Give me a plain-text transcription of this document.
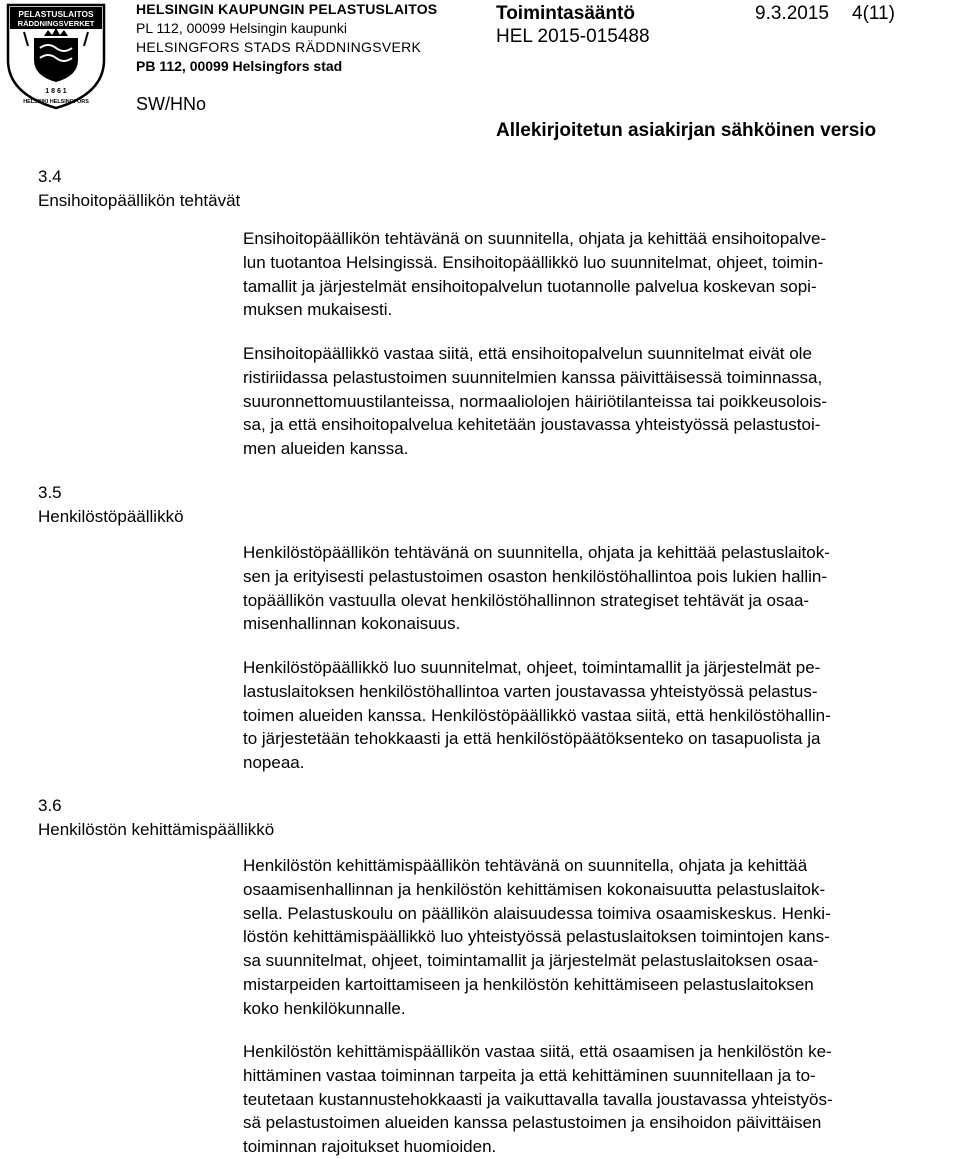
PELASTUSLAITOS
RÄDDNINGSVERKET
1 8 6 1
HELSINKI HELSINGFORS
HELSINGIN KAUPUNGIN PELASTUSLAITOS
PL 112, 00099 Helsingin kaupunki
HELSINGFORS STADS RÄDDNINGSVERK
PB 112, 00099 Helsingfors stad
SW/HNo
Toimintasääntö
HEL 2015-015488
9.3.2015 4(11)
Allekirjoitetun asiakirjan sähköinen versio
3.4
Ensihoitopäällikön tehtävät
Ensihoitopäällikön tehtävänä on suunnitella, ohjata ja kehittää ensihoitopalve-
lun tuotantoa Helsingissä. Ensihoitopäällikkö luo suunnitelmat, ohjeet, toimin-
tamallit ja järjestelmät ensihoitopalvelun tuotannolle palvelua koskevan sopi-
muksen mukaisesti.
Ensihoitopäällikkö vastaa siitä, että ensihoitopalvelun suunnitelmat eivät ole
ristiriidassa pelastustoimen suunnitelmien kanssa päivittäisessä toiminnassa,
suuronnettomuustilanteissa, normaaliolojen häiriötilanteissa tai poikkeusolois-
sa, ja että ensihoitopalvelua kehitetään joustavassa yhteistyössä pelastustoi-
men alueiden kanssa.
3.5
Henkilöstöpäällikkö
Henkilöstöpäällikön tehtävänä on suunnitella, ohjata ja kehittää pelastuslaitok-
sen ja erityisesti pelastustoimen osaston henkilöstöhallintoa pois lukien hallin-
topäällikön vastuulla olevat henkilöstöhallinnon strategiset tehtävät ja osaa-
misenhallinnan kokonaisuus.
Henkilöstöpäällikkö luo suunnitelmat, ohjeet, toimintamallit ja järjestelmät pe-
lastuslaitoksen henkilöstöhallintoa varten joustavassa yhteistyössä pelastus-
toimen alueiden kanssa. Henkilöstöpäällikkö vastaa siitä, että henkilöstöhallin-
to järjestetään tehokkaasti ja että henkilöstöpäätöksenteko on tasapuolista ja
nopeaa.
3.6
Henkilöstön kehittämispäällikkö
Henkilöstön kehittämispäällikön tehtävänä on suunnitella, ohjata ja kehittää
osaamisenhallinnan ja henkilöstön kehittämisen kokonaisuutta pelastuslaitok-
sella. Pelastuskoulu on päällikön alaisuudessa toimiva osaamiskeskus. Henki-
löstön kehittämispäällikkö luo yhteistyössä pelastuslaitoksen toimintojen kans-
sa suunnitelmat, ohjeet, toimintamallit ja järjestelmät pelastuslaitoksen osaa-
mistarpeiden kartoittamiseen ja henkilöstön kehittämiseen pelastuslaitoksen
koko henkilökunnalle.
Henkilöstön kehittämispäällikön vastaa siitä, että osaamisen ja henkilöstön ke-
hittäminen vastaa toiminnan tarpeita ja että kehittäminen suunnitellaan ja to-
teutetaan kustannustehokkaasti ja vaikuttavalla tavalla joustavassa yhteistyös-
sä pelastustoimen alueiden kanssa pelastustoimen ja ensihoidon päivittäisen
toiminnan rajoitukset huomioiden.
